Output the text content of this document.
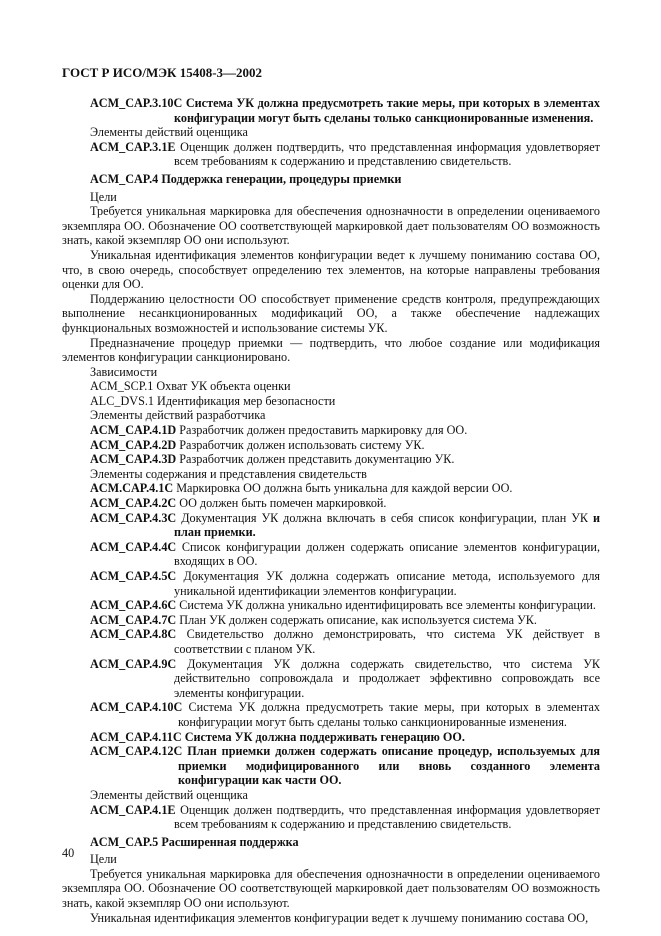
ГОСТ Р ИСО/МЭК 15408-3—2002
ACM_CAP.3.10С Система УК должна предусмотреть такие меры, при которых в элементах конфигурации могут быть сделаны только санкционированные изменения.
Элементы действий оценщика
ACM_CAP.3.1E Оценщик должен подтвердить, что представленная информация удовлетворяет всем требованиям к содержанию и представлению свидетельств.
ACM_CAP.4 Поддержка генерации, процедуры приемки
Цели
Требуется уникальная маркировка для обеспечения однозначности в определении оцениваемого экземпляра ОО. Обозначение ОО соответствующей маркировкой дает пользователям ОО возможность знать, какой экземпляр ОО они используют.
Уникальная идентификация элементов конфигурации ведет к лучшему пониманию состава ОО, что, в свою очередь, способствует определению тех элементов, на которые направлены требования оценки для ОО.
Поддержанию целостности ОО способствует применение средств контроля, предупреждающих выполнение несанкционированных модификаций ОО, а также обеспечение надлежащих функциональных возможностей и использование системы УК.
Предназначение процедур приемки — подтвердить, что любое создание или модификация элементов конфигурации санкционировано.
Зависимости
ACM_SCP.1 Охват УК объекта оценки
ALC_DVS.1 Идентификация мер безопасности
Элементы действий разработчика
ACM_CAP.4.1D Разработчик должен предоставить маркировку для ОО.
ACM_CAP.4.2D Разработчик должен использовать систему УК.
ACM_CAP.4.3D Разработчик должен представить документацию УК.
Элементы содержания и представления свидетельств
ACM.CAP.4.1C Маркировка ОО должна быть уникальна для каждой версии ОО.
ACM_CAP.4.2C ОО должен быть помечен маркировкой.
ACM_CAP.4.3C Документация УК должна включать в себя список конфигурации, план УК и план приемки.
ACM_CAP.4.4C Список конфигурации должен содержать описание элементов конфигурации, входящих в ОО.
ACM_CAP.4.5C Документация УК должна содержать описание метода, используемого для уникальной идентификации элементов конфигурации.
ACM_CAP.4.6C Система УК должна уникально идентифицировать все элементы конфигурации.
ACM_CAP.4.7C План УК должен содержать описание, как используется система УК.
ACM_CAP.4.8C Свидетельство должно демонстрировать, что система УК действует в соответствии с планом УК.
ACM_CAP.4.9C Документация УК должна содержать свидетельство, что система УК действительно сопровождала и продолжает эффективно сопровождать все элементы конфигурации.
ACM_CAP.4.10C Система УК должна предусмотреть такие меры, при которых в элементах конфигурации могут быть сделаны только санкционированные изменения.
ACM_CAP.4.11C Система УК должна поддерживать генерацию ОО.
ACM_CAP.4.12C План приемки должен содержать описание процедур, используемых для приемки модифицированного или вновь созданного элемента конфигурации как части ОО.
Элементы действий оценщика
ACM_CAP.4.1E Оценщик должен подтвердить, что представленная информация удовлетворяет всем требованиям к содержанию и представлению свидетельств.
ACM_CAP.5 Расширенная поддержка
Цели
Требуется уникальная маркировка для обеспечения однозначности в определении оцениваемого экземпляра ОО. Обозначение ОО соответствующей маркировкой дает пользователям ОО возможность знать, какой экземпляр ОО они используют.
Уникальная идентификация элементов конфигурации ведет к лучшему пониманию состава ОО,
40
